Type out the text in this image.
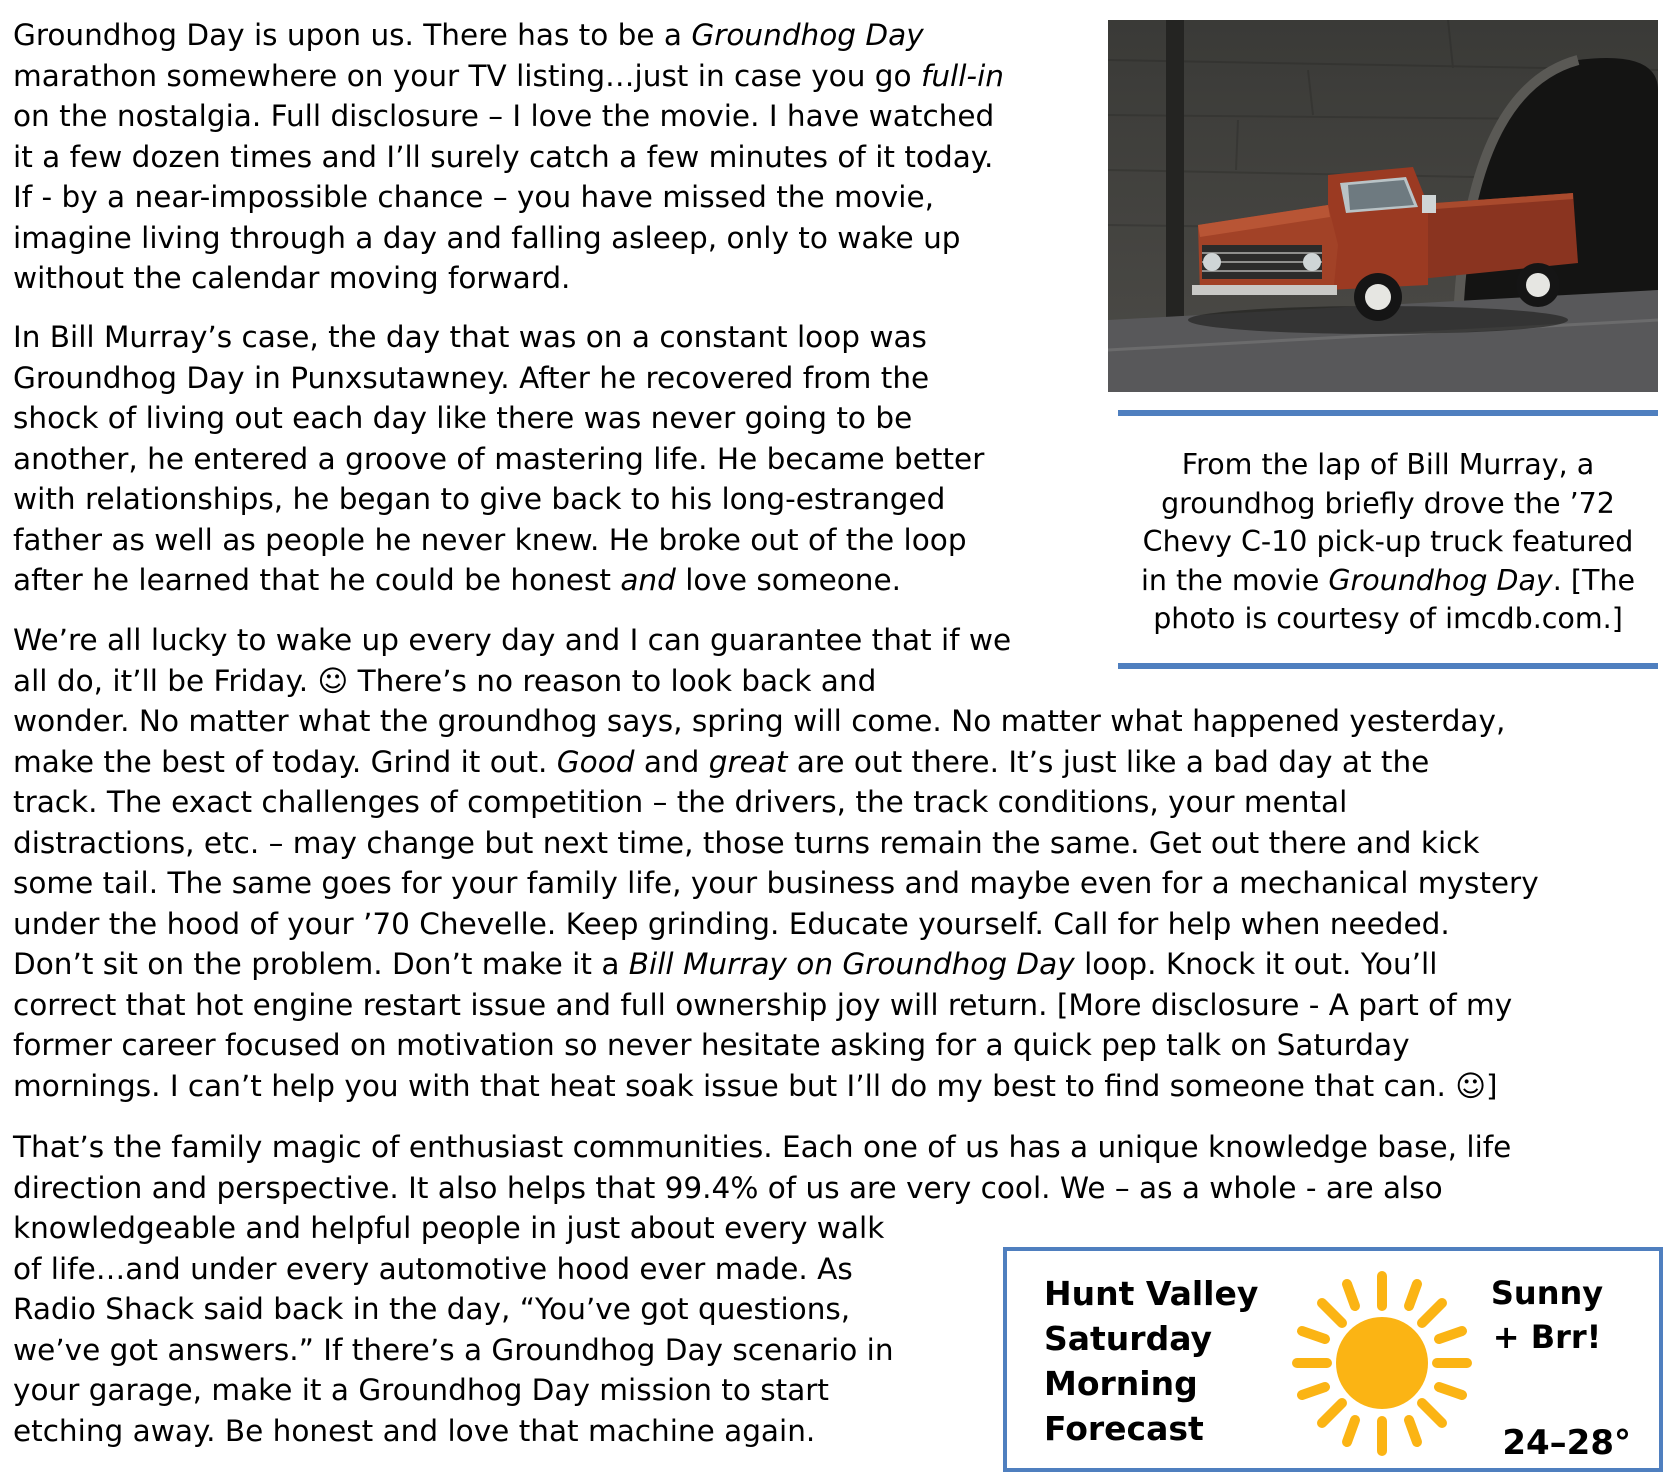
Groundhog Day is upon us. There has to be a Groundhog Day
marathon somewhere on your TV listing…just in case you go full-in
on the nostalgia. Full disclosure – I love the movie. I have watched
it a few dozen times and I’ll surely catch a few minutes of it today.
If - by a near-impossible chance – you have missed the movie,
imagine living through a day and falling asleep, only to wake up
without the calendar moving forward.
In Bill Murray’s case, the day that was on a constant loop was
Groundhog Day in Punxsutawney. After he recovered from the
shock of living out each day like there was never going to be
another, he entered a groove of mastering life. He became better
with relationships, he began to give back to his long-estranged
father as well as people he never knew. He broke out of the loop
after he learned that he could be honest and love someone.
We’re all lucky to wake up every day and I can guarantee that if we
all do, it’ll be Friday. ☺ There’s no reason to look back and
wonder. No matter what the groundhog says, spring will come. No matter what happened yesterday,
make the best of today. Grind it out. Good and great are out there. It’s just like a bad day at the
track. The exact challenges of competition – the drivers, the track conditions, your mental
distractions, etc. – may change but next time, those turns remain the same. Get out there and kick
some tail. The same goes for your family life, your business and maybe even for a mechanical mystery
under the hood of your ’70 Chevelle. Keep grinding. Educate yourself. Call for help when needed.
Don’t sit on the problem. Don’t make it a Bill Murray on Groundhog Day loop. Knock it out. You’ll
correct that hot engine restart issue and full ownership joy will return. [More disclosure - A part of my
former career focused on motivation so never hesitate asking for a quick pep talk on Saturday
mornings. I can’t help you with that heat soak issue but I’ll do my best to find someone that can. ☺]
That’s the family magic of enthusiast communities. Each one of us has a unique knowledge base, life
direction and perspective. It also helps that 99.4% of us are very cool. We – as a whole - are also
knowledgeable and helpful people in just about every walk
of life…and under every automotive hood ever made. As
Radio Shack said back in the day, “You’ve got questions,
we’ve got answers.” If there’s a Groundhog Day scenario in
your garage, make it a Groundhog Day mission to start
etching away. Be honest and love that machine again.
From the lap of Bill Murray, a
groundhog briefly drove the ’72
Chevy C-10 pick-up truck featured
in the movie Groundhog Day. [The
photo is courtesy of imcdb.com.]
Hunt Valley
Saturday
Morning
Forecast
Sunny
+ Brr!
24–28°
